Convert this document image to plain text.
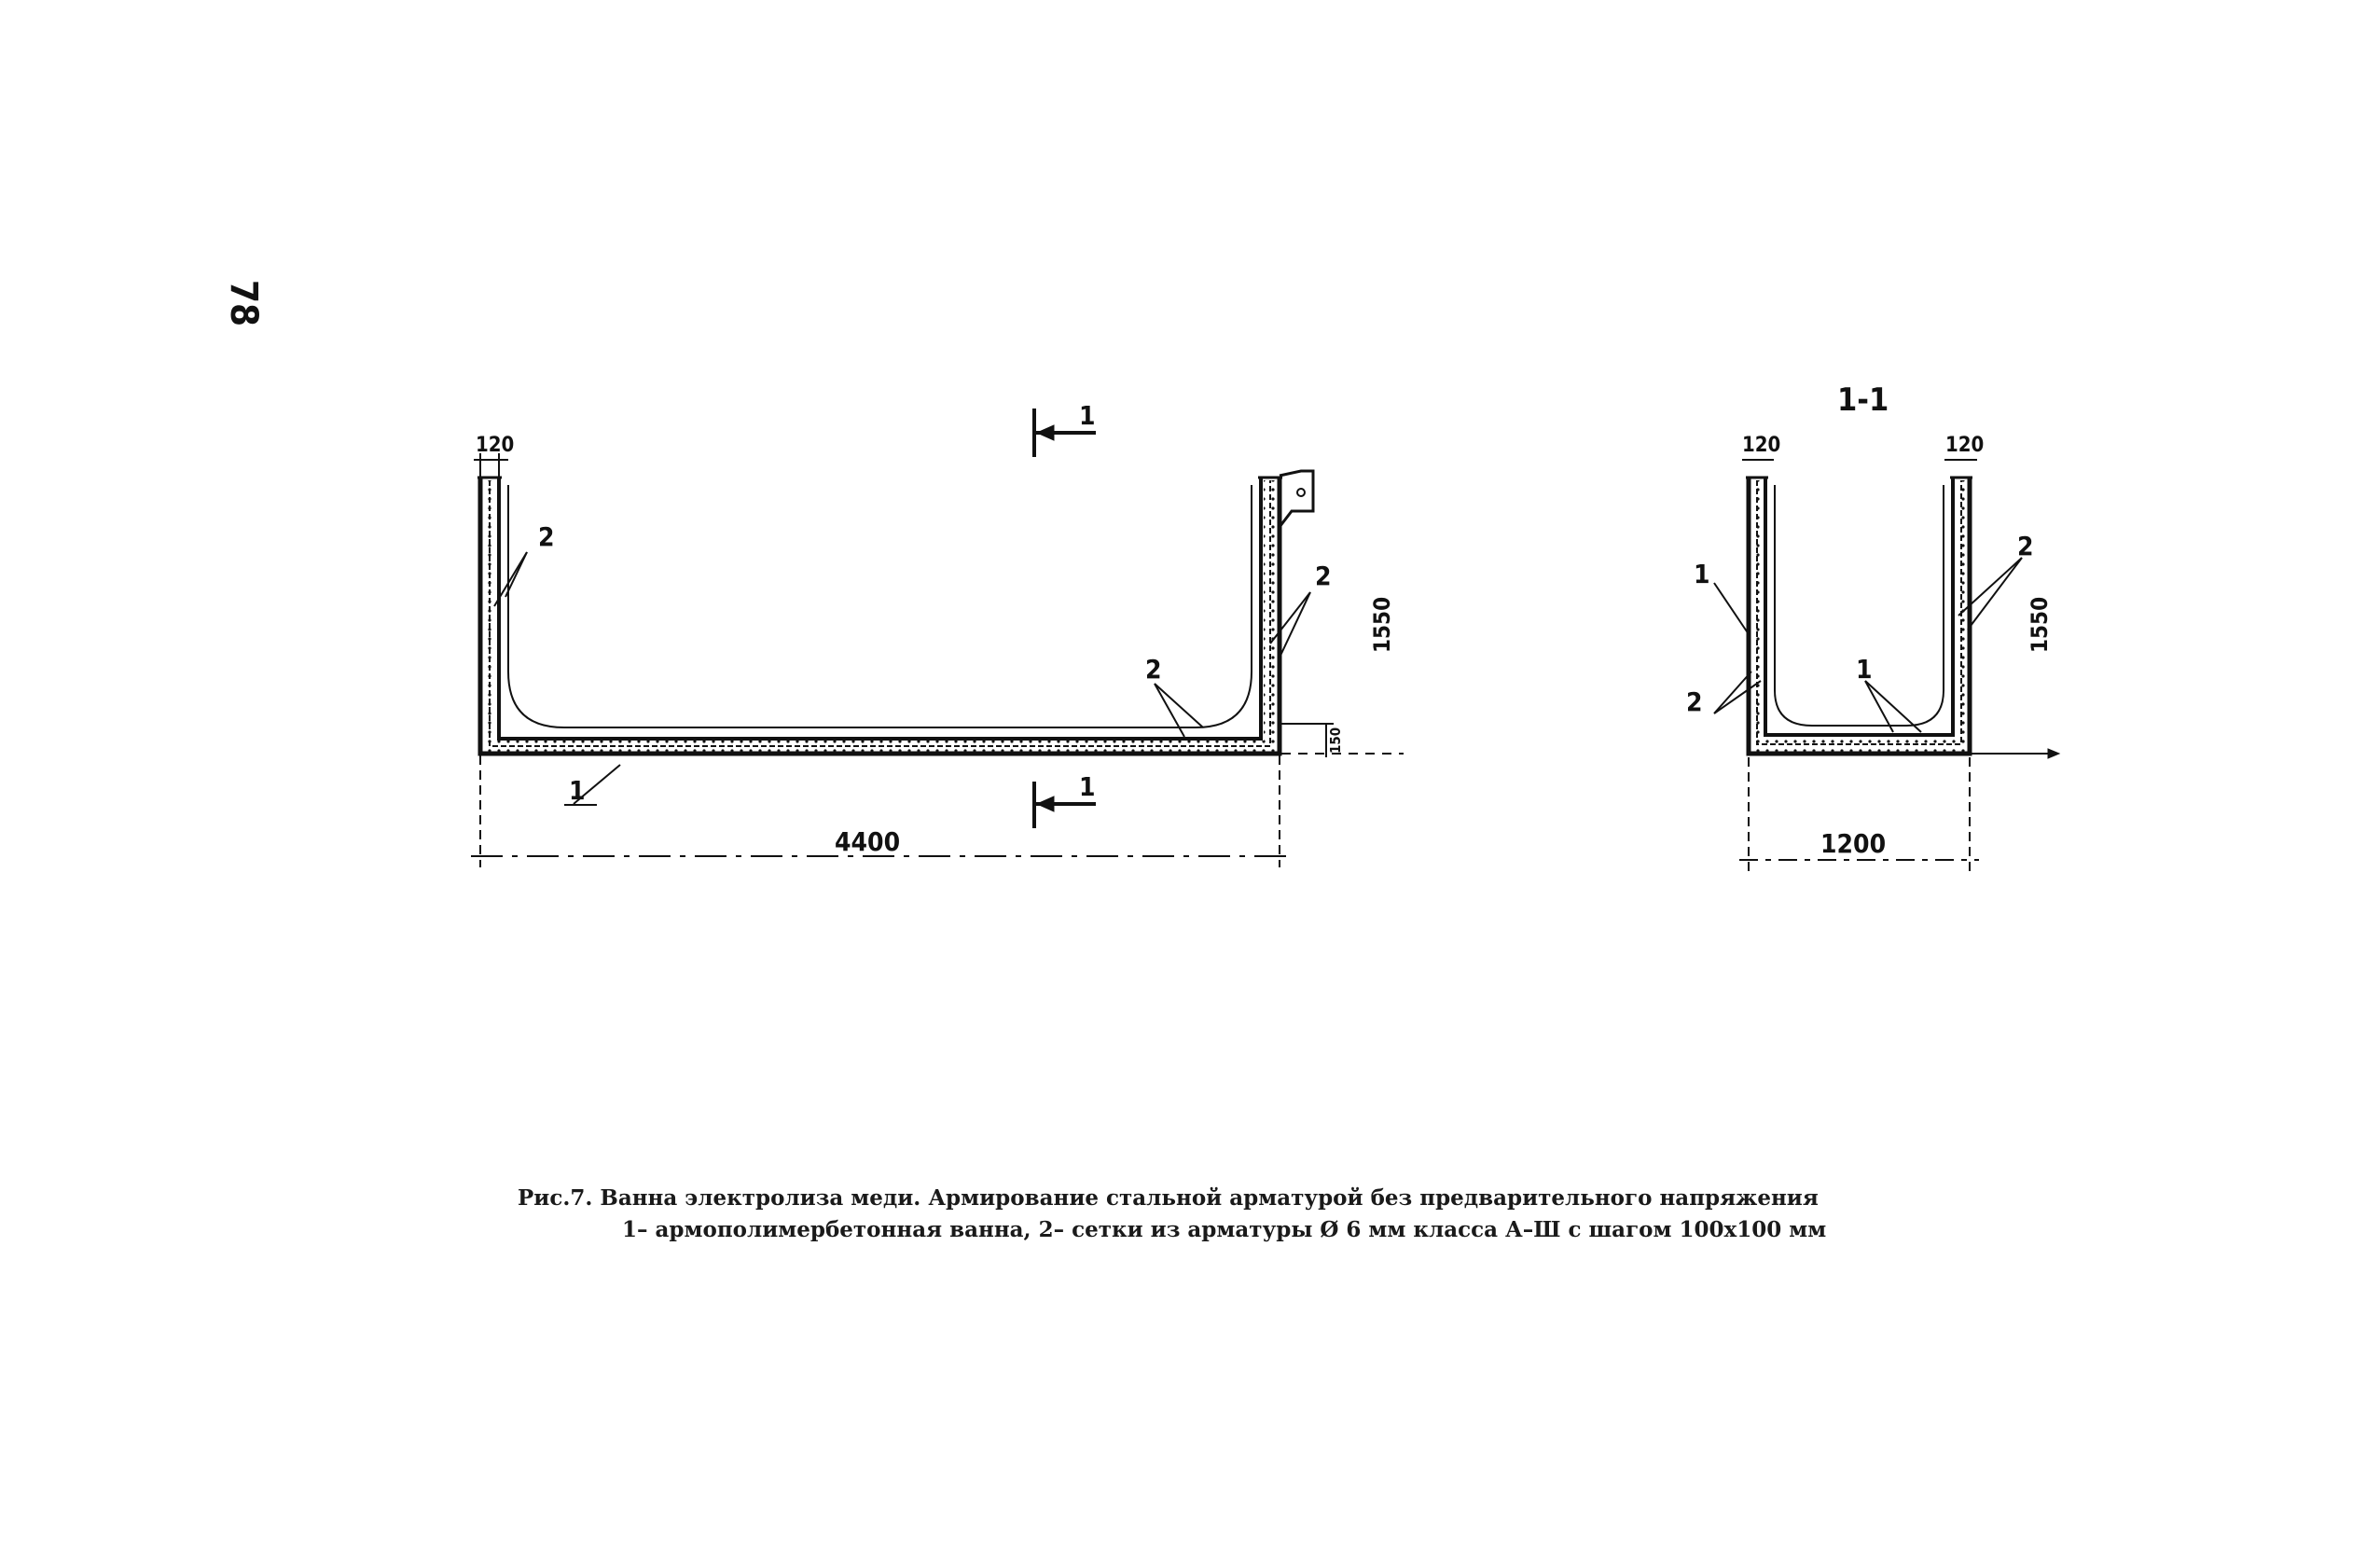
78
120
1550
150
4400
2
2
2
1
1
1
1-1
120	120
1550
1200
1
2
2
1
Рис.7. Ванна электролиза меди. Армирование стальной арматурой без предварительного напряжения
1– армополимербетонная ванна, 2– сетки из арматуры Ø 6 мм класса А–Ш с шагом 100х100 мм
